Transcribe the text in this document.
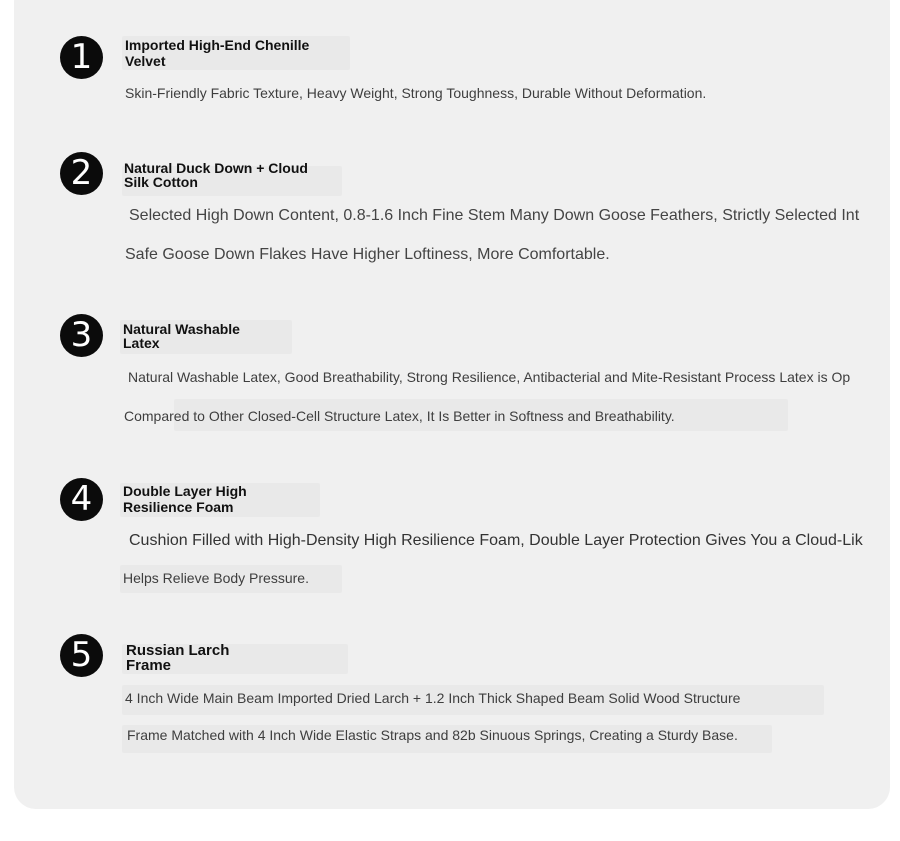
1	Imported High-End Chenille
Velvet
Skin-Friendly Fabric Texture, Heavy Weight, Strong Toughness, Durable Without Deformation.
2	Natural Duck Down + Cloud
Silk Cotton
Selected High Down Content, 0.8-1.6 Inch Fine Stem Many Down Goose Feathers, Strictly Selected Int
Safe Goose Down Flakes Have Higher Loftiness, More Comfortable.
3	Natural Washable
Latex
Natural Washable Latex, Good Breathability, Strong Resilience, Antibacterial and Mite-Resistant Process Latex is Op
Compared to Other Closed-Cell Structure Latex, It Is Better in Softness and Breathability.
4	Double Layer High
Resilience Foam
Cushion Filled with High-Density High Resilience Foam, Double Layer Protection Gives You a Cloud-Lik
Helps Relieve Body Pressure.
5	Russian Larch
Frame
4 Inch Wide Main Beam Imported Dried Larch + 1.2 Inch Thick Shaped Beam Solid Wood Structure
Frame Matched with 4 Inch Wide Elastic Straps and 82b Sinuous Springs, Creating a Sturdy Base.
